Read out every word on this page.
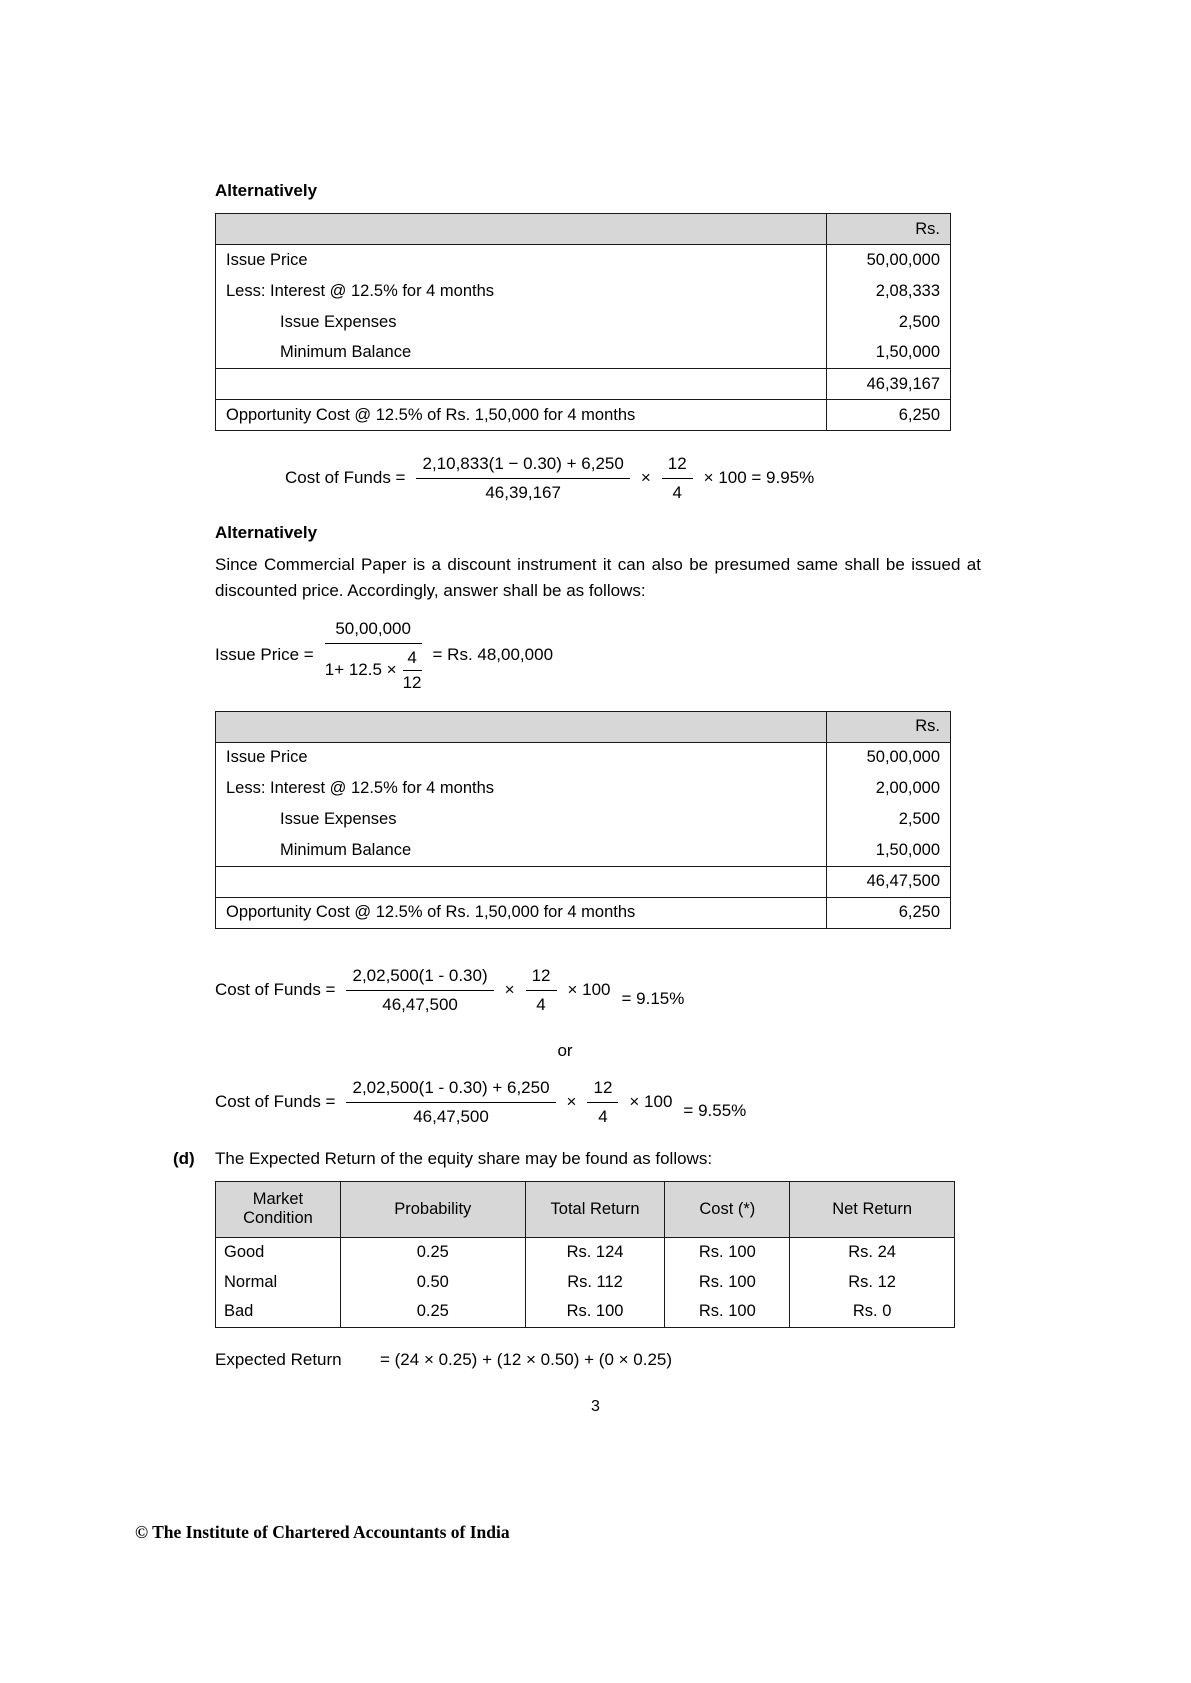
Alternatively
	Rs.
Issue Price	50,00,000
Less: Interest @ 12.5% for 4 months	2,08,333
Issue Expenses	2,500
Minimum Balance	1,50,000
	46,39,167
Opportunity Cost @ 12.5% of Rs. 1,50,000 for 4 months	6,250
Cost of Funds = $\frac{2,10,833(1 - 0.30) + 6,250}{46,39,167} \times \frac{12}{4} \times 100 = 9.95\%$
Alternatively

Since Commercial Paper is a discount instrument it can also be presumed same shall be issued at discounted price. Accordingly, answer shall be as follows:

Issue Price = $\frac{50,00,000}{1+ 12.5 \times \frac{4}{12}} = Rs$. 48,00,000
	Rs.
Issue Price	50,00,000
Less: Interest @ 12.5% for 4 months	2,00,000
Issue Expenses	2,500
Minimum Balance	1,50,000
	46,47,500
Opportunity Cost @ 12.5% of Rs. 1,50,000 for 4 months	6,250
Cost of Funds = $\frac{2,02,500(1 - 0.30)}{46,47,500} \times \frac{12}{4} \times 100 = 9.15\%$
or
Cost of Funds = $\frac{2,02,500(1 - 0.30) + 6,250}{46,47,500} \times \frac{12}{4} \times 100 = 9.55\%$
(d)	The Expected Return of the equity share may be found as follows:
Market Condition	Probability	Total Return	Cost (*)	Net Return
Good	0.25	Rs. 124	Rs. 100	Rs. 24
Normal	0.50	Rs. 112	Rs. 100	Rs. 12
Bad	0.25	Rs. 100	Rs. 100	Rs. 0
Expected Return	= (24 × 0.25) + (12 × 0.50) + (0 × 0.25)
3
© The Institute of Chartered Accountants of India
